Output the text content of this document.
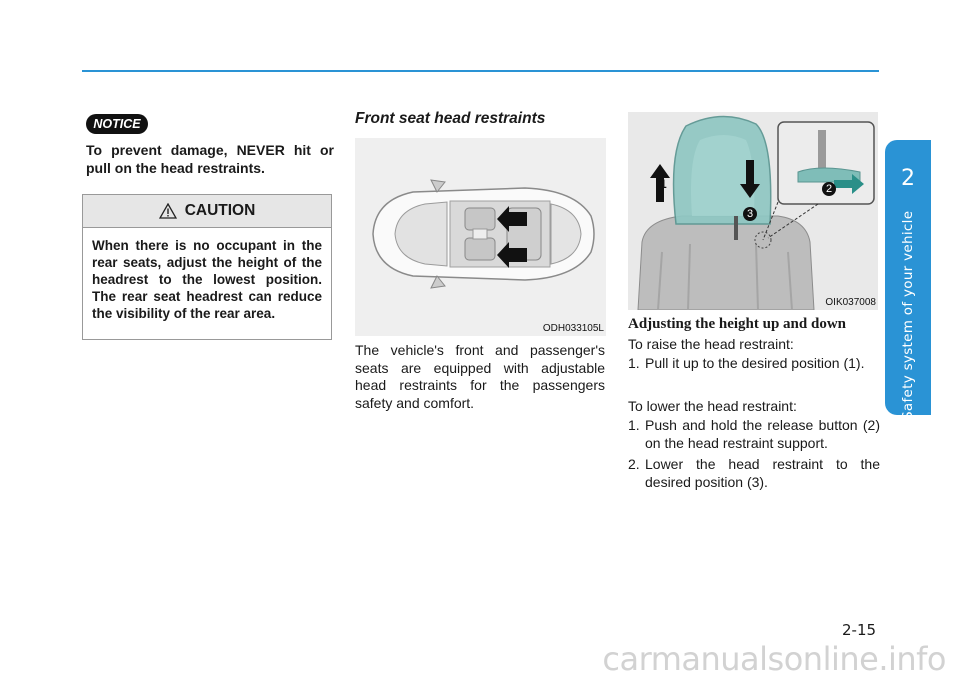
2
Safety system of your vehicle
NOTICE
To prevent damage, NEVER hit or pull on the head restraints.
CAUTION
When there is no occupant in the rear seats, adjust the height of the headrest to the lowest position. The rear seat headrest can reduce the visibility of the rear area.
Front seat head restraints
ODH033105L
The vehicle's front and passenger's seats are equipped with adjustable head restraints for the passengers safety and comfort.
1	2
3
OIK037008
Adjusting the height up and down
To raise the head restraint:
1. Pull it up to the desired position (1).
To lower the head restraint:
1. Push and hold the release button (2) on the head restraint support.
2. Lower the head restraint to the desired position (3).
2-15
carmanualsonline.info
